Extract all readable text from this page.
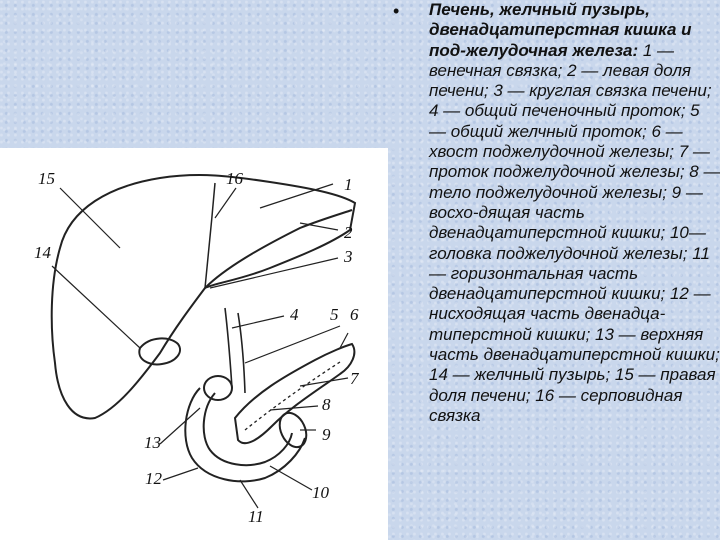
1
2
3
4 5 6
7
8
9
10
11
12
13
14
15	16
• Печень, желчный пузырь, двенадцатиперстная кишка и под-желудочная железа: 1 — венечная связка; 2 — левая доля печени; 3 — круглая связка печени; 4 — общий печеночный проток; 5 — общий желчный проток; 6 — хвост поджелудочной железы; 7 — проток поджелудочной железы; 8 — тело поджелудочной железы; 9 — восхо-дящая часть двенадцатиперстной кишки; 10— головка поджелудочной железы; 11 — горизонтальная часть двенадцатиперстной кишки; 12 — нисходящая часть двенадца-типерстной кишки; 13 — верхняя часть двенадцатиперстной кишки; 14 — желчный пузырь; 15 — правая доля печени; 16 — серповидная связка
